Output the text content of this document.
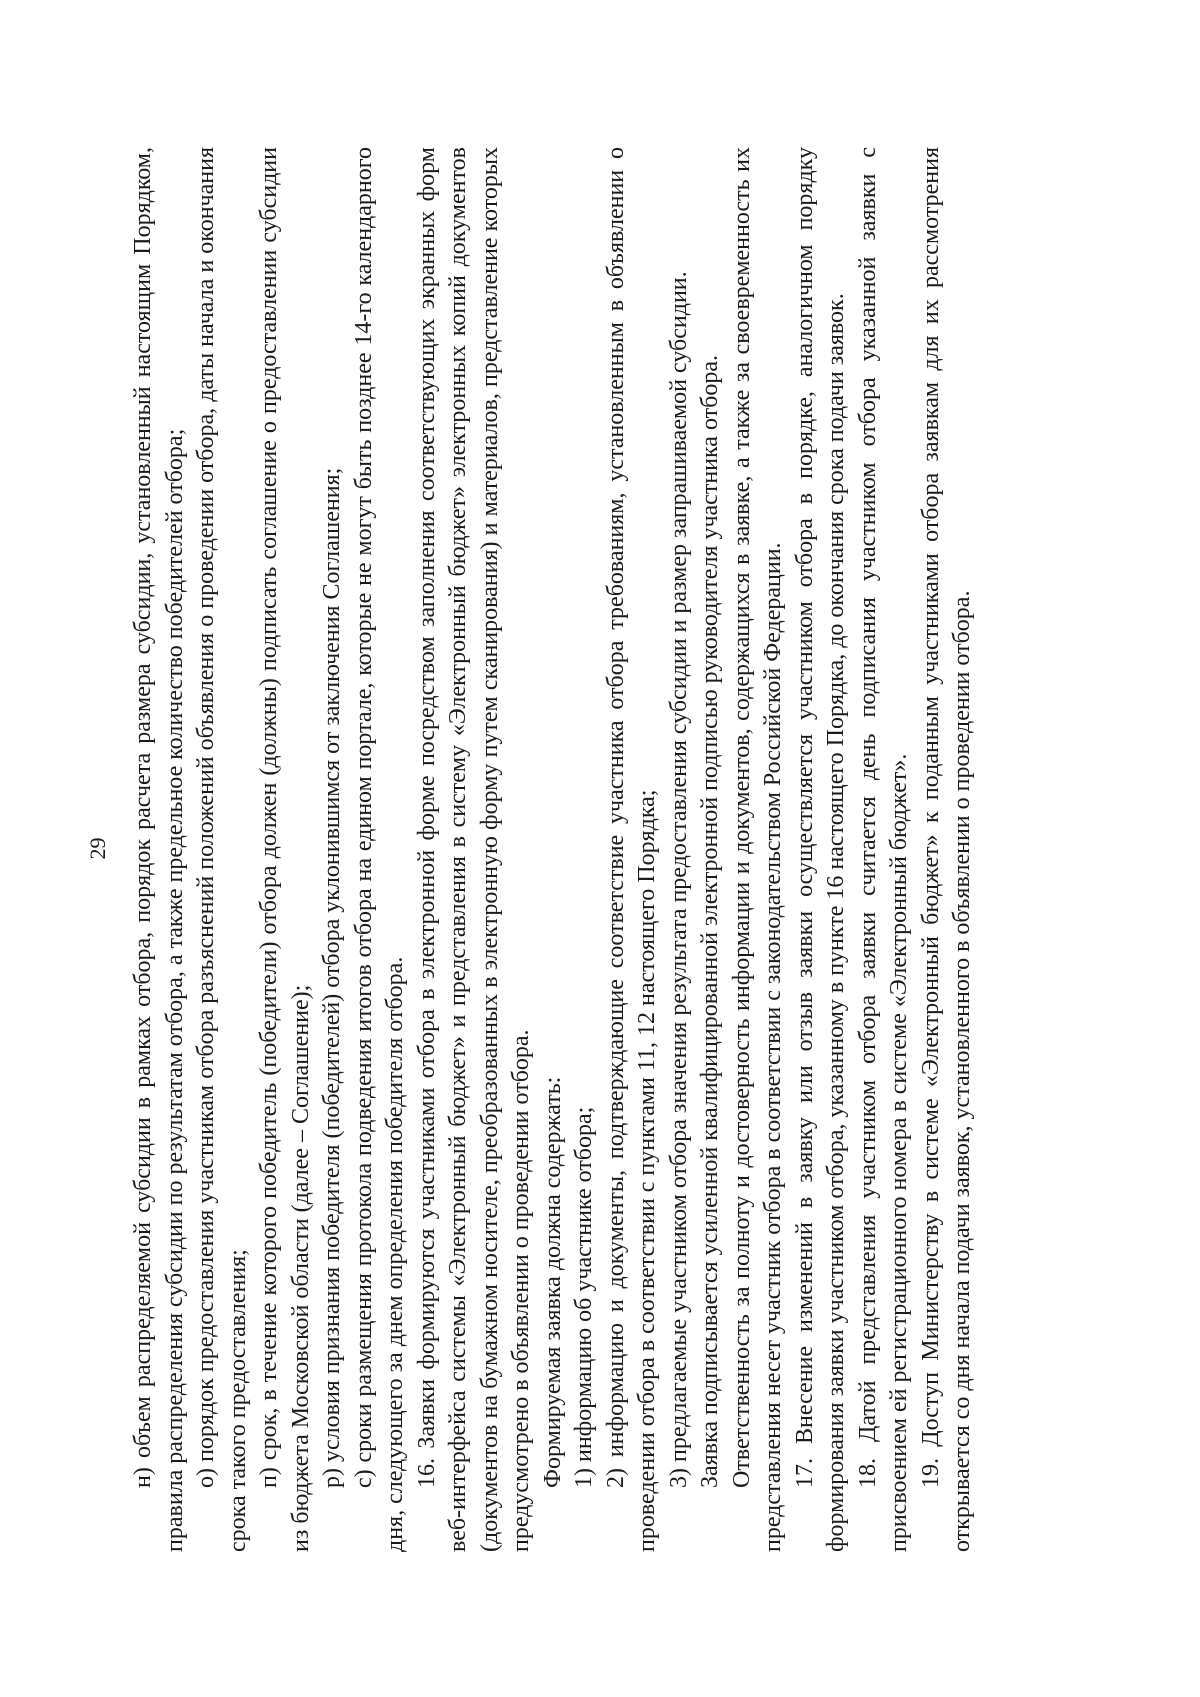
29 н) объем распределяемой субсидии в рамках отбора, порядок расчета размера субсидии, установленный настоящим Порядком, правила распределения субсидии по результатам отбора, а также предельное количество победителей отбора; о) порядок предоставления участникам отбора разъяснений положений объявления о проведении отбора, даты начала и окончания срока такого предоставления; п) срок, в течение которого победитель (победители) отбора должен (должны) подписать соглашение о предоставлении субсидии из бюджета Московской области (далее – Соглашение); р) условия признания победителя (победителей) отбора уклонившимся от заключения Соглашения; с) сроки размещения протокола подведения итогов отбора на едином портале, которые не могут быть позднее 14-го календарного дня, следующего за днем определения победителя отбора. 16. Заявки формируются участниками отбора в электронной форме посредством заполнения соответствующих экранных форм веб-интерфейса системы «Электронный бюджет» и представления в систему «Электронный бюджет» электронных копий документов (документов на бумажном носителе, преобразованных в электронную форму путем сканирования) и материалов, представление которых предусмотрено в объявлении о проведении отбора. Формируемая заявка должна содержать: 1) информацию об участнике отбора; 2) информацию и документы, подтверждающие соответствие участника отбора требованиям, установленным в объявлении о проведении отбора в соответствии с пунктами 11, 12 настоящего Порядка; 3) предлагаемые участником отбора значения результата предоставления субсидии и размер запрашиваемой субсидии. Заявка подписывается усиленной квалифицированной электронной подписью руководителя участника отбора. Ответственность за полноту и достоверность информации и документов, содержащихся в заявке, а также за своевременность их представления несет участник отбора в соответствии с законодательством Российской Федерации. 17. Внесение изменений в заявку или отзыв заявки осуществляется участником отбора в порядке, аналогичном порядку формирования заявки участником отбора, указанному в пункте 16 настоящего Порядка, до окончания срока подачи заявок. 18. Датой представления участником отбора заявки считается день подписания участником отбора указанной заявки с присвоением ей регистрационного номера в системе «Электронный бюджет». 19. Доступ Министерству в системе «Электронный бюджет» к поданным участниками отбора заявкам для их рассмотрения открывается со дня начала подачи заявок, установленного в объявлении о проведении отбора.
